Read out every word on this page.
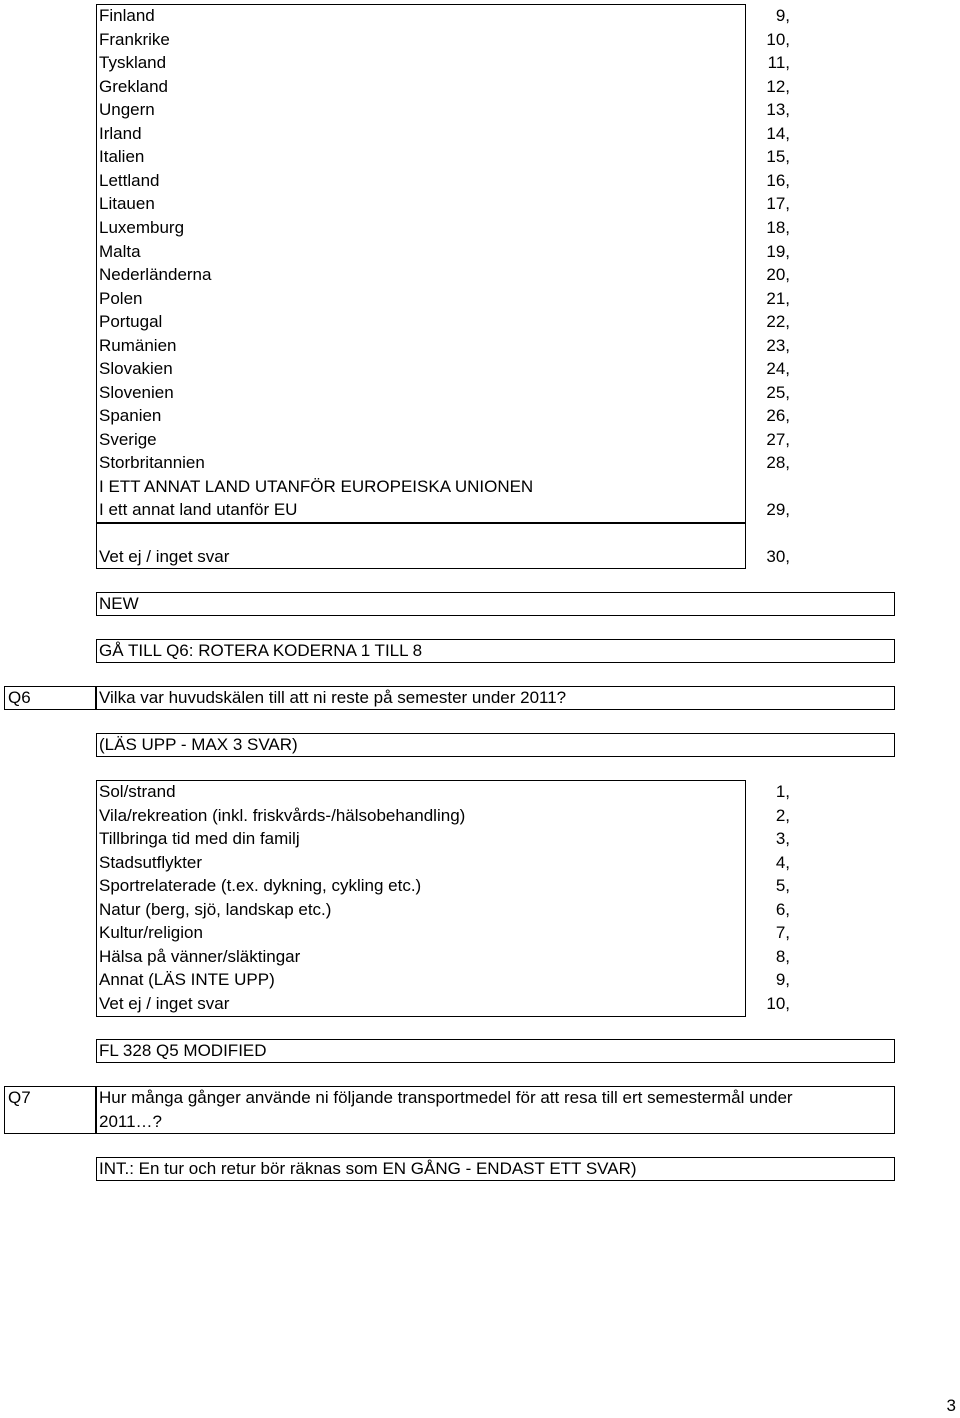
Finland	9,
Frankrike	10,
Tyskland	11,
Grekland	12,
Ungern	13,
Irland	14,
Italien	15,
Lettland	16,
Litauen	17,
Luxemburg	18,
Malta	19,
Nederländerna	20,
Polen	21,
Portugal	22,
Rumänien	23,
Slovakien	24,
Slovenien	25,
Spanien	26,
Sverige	27,
Storbritannien	28,
I ETT ANNAT LAND UTANFÖR EUROPEISKA UNIONEN
I ett annat land utanför EU	29,
Vet ej / inget svar	30,
NEW
GÅ TILL Q6: ROTERA KODERNA 1 TILL 8
Q6	Vilka var huvudskälen till att ni reste på semester under 2011?
(LÄS UPP - MAX 3 SVAR)
Sol/strand	1,
Vila/rekreation (inkl. friskvårds-/hälsobehandling)	2,
Tillbringa tid med din familj	3,
Stadsutflykter	4,
Sportrelaterade (t.ex. dykning, cykling etc.)	5,
Natur (berg, sjö, landskap etc.)	6,
Kultur/religion	7,
Hälsa på vänner/släktingar	8,
Annat (LÄS INTE UPP)	9,
Vet ej / inget svar	10,
FL 328 Q5 MODIFIED
Q7	Hur många gånger använde ni följande transportmedel för att resa till ert semestermål under
2011…?
INT.: En tur och retur bör räknas som EN GÅNG - ENDAST ETT SVAR)
3
